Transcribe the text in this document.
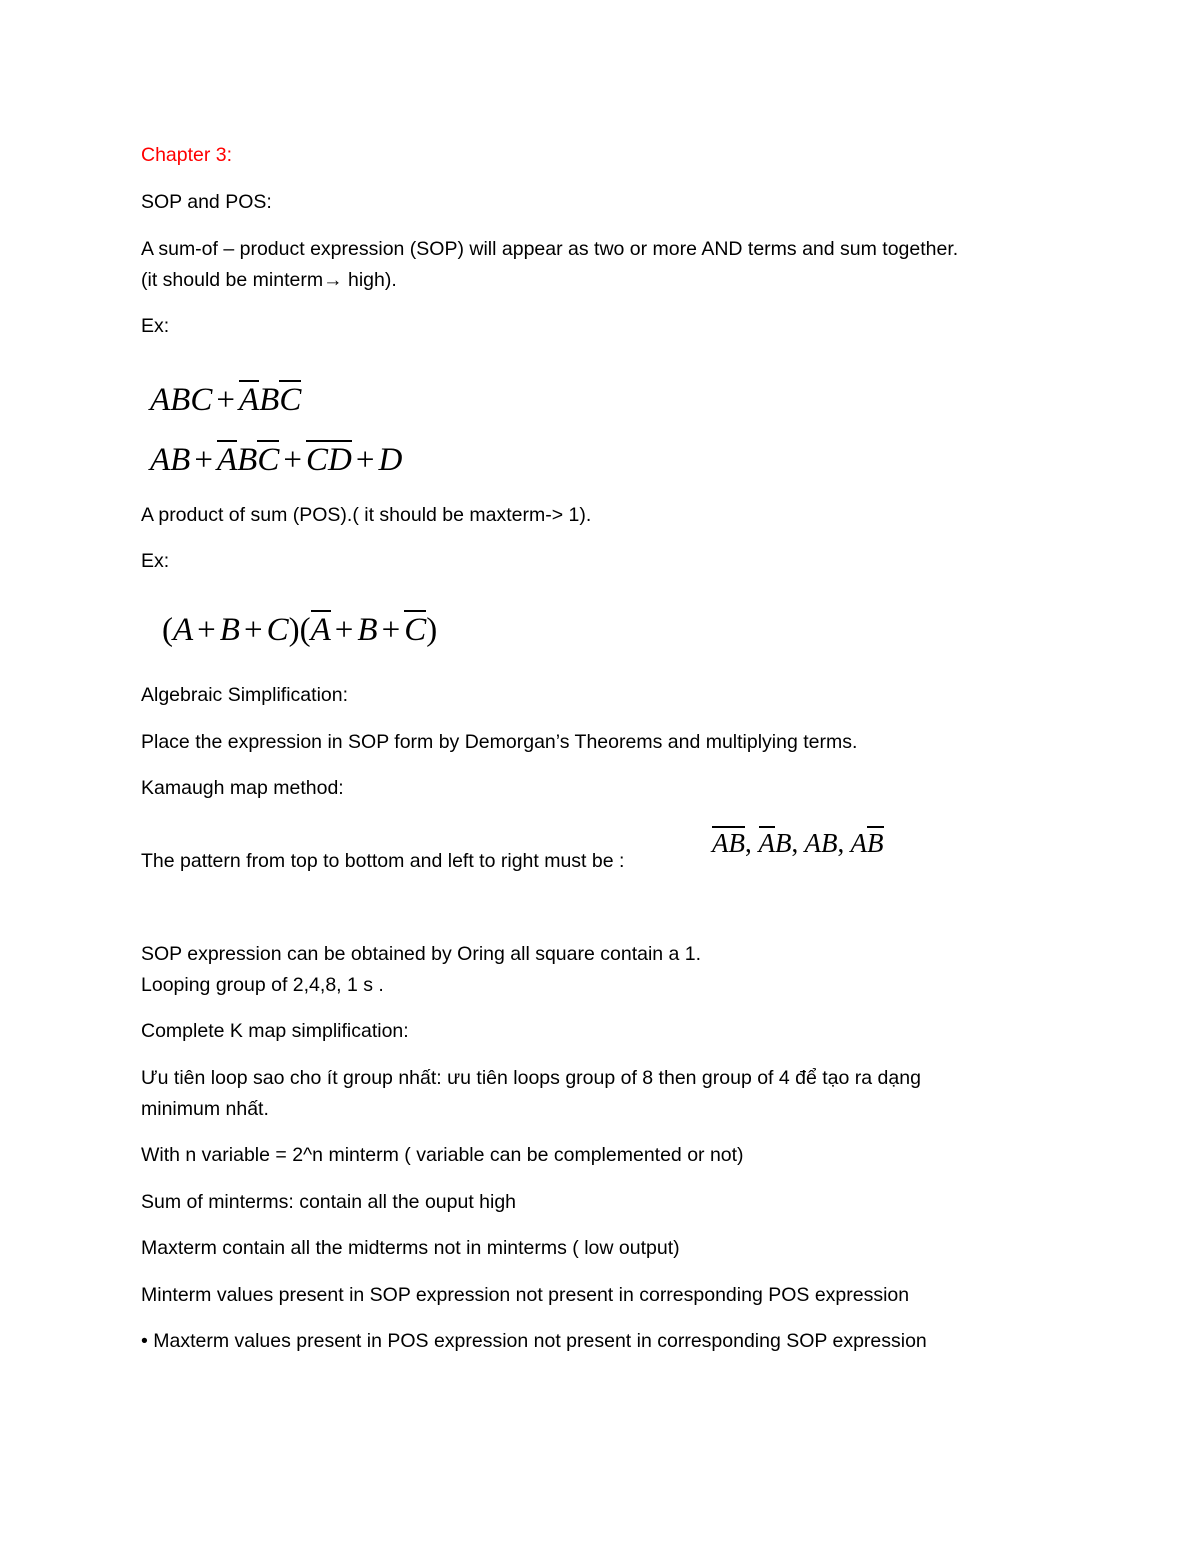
Chapter 3:

SOP and POS:

A sum-of – product expression (SOP) will appear as two or more AND terms and sum together.

(it should be minterm→ high).

Ex:

ABC + ABC
AB + ABC + CD + D

A product of sum (POS).( it should be maxterm-> 1).

Ex:

(A + B + C)(A + B + C)

Algebraic Simplification:

Place the expression in SOP form by Demorgan’s Theorems and multiplying terms.

Kamaugh map method:

The pattern from top to bottom and left to right must be :

AB, AB, AB, AB

SOP expression can be obtained by Oring all square contain a 1.

Looping group of 2,4,8, 1 s .

Complete K map simplification:

Ưu tiên loop sao cho ít group nhất: ưu tiên loops group of 8 then group of 4 để tạo ra dạng

minimum nhất.

With n variable = 2^n minterm ( variable can be complemented or not)

Sum of minterms: contain all the ouput high

Maxterm contain all the midterms not in minterms ( low output)

Minterm values present in SOP expression not present in corresponding POS expression

• Maxterm values present in POS expression not present in corresponding SOP expression
